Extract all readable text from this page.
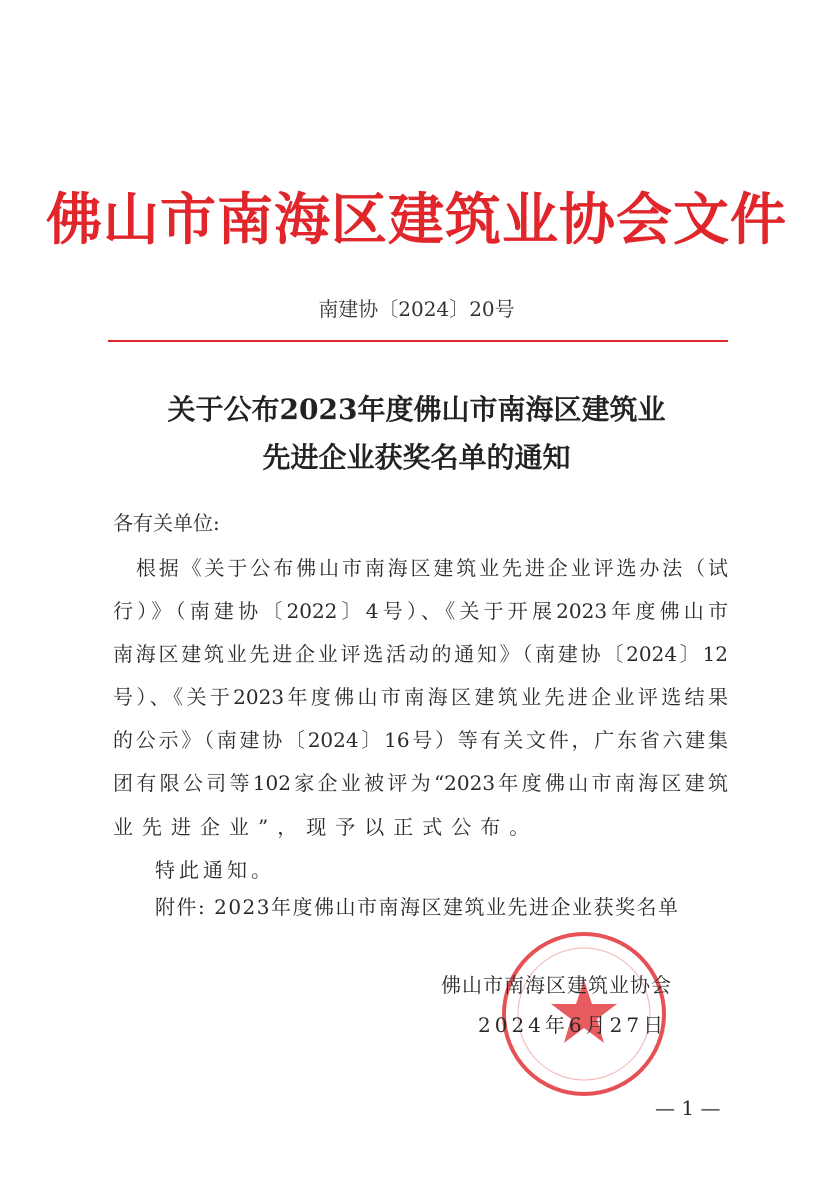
佛山市南海区建筑业协会文件
南建协〔2024〕20号
关于公布2023年度佛山市南海区建筑业
先进企业获奖名单的通知
各有关单位:
　根据《关于公布佛山市南海区建筑业先进企业评选办法（试
行）》（南建协〔2022〕4号）、《关于开展2023年度佛山市
南海区建筑业先进企业评选活动的通知》（南建协〔2024〕12
号）、《关于2023年度佛山市南海区建筑业先进企业评选结果
的公示》（南建协〔2024〕16号）等有关文件，广东省六建集
团有限公司等102家企业被评为“2023年度佛山市南海区建筑
业先进企业”，现予以正式公布。
特此通知。
附件: 2023年度佛山市南海区建筑业先进企业获奖名单
佛山市南海区建筑业协会
2024年6月27日
— 1 —
